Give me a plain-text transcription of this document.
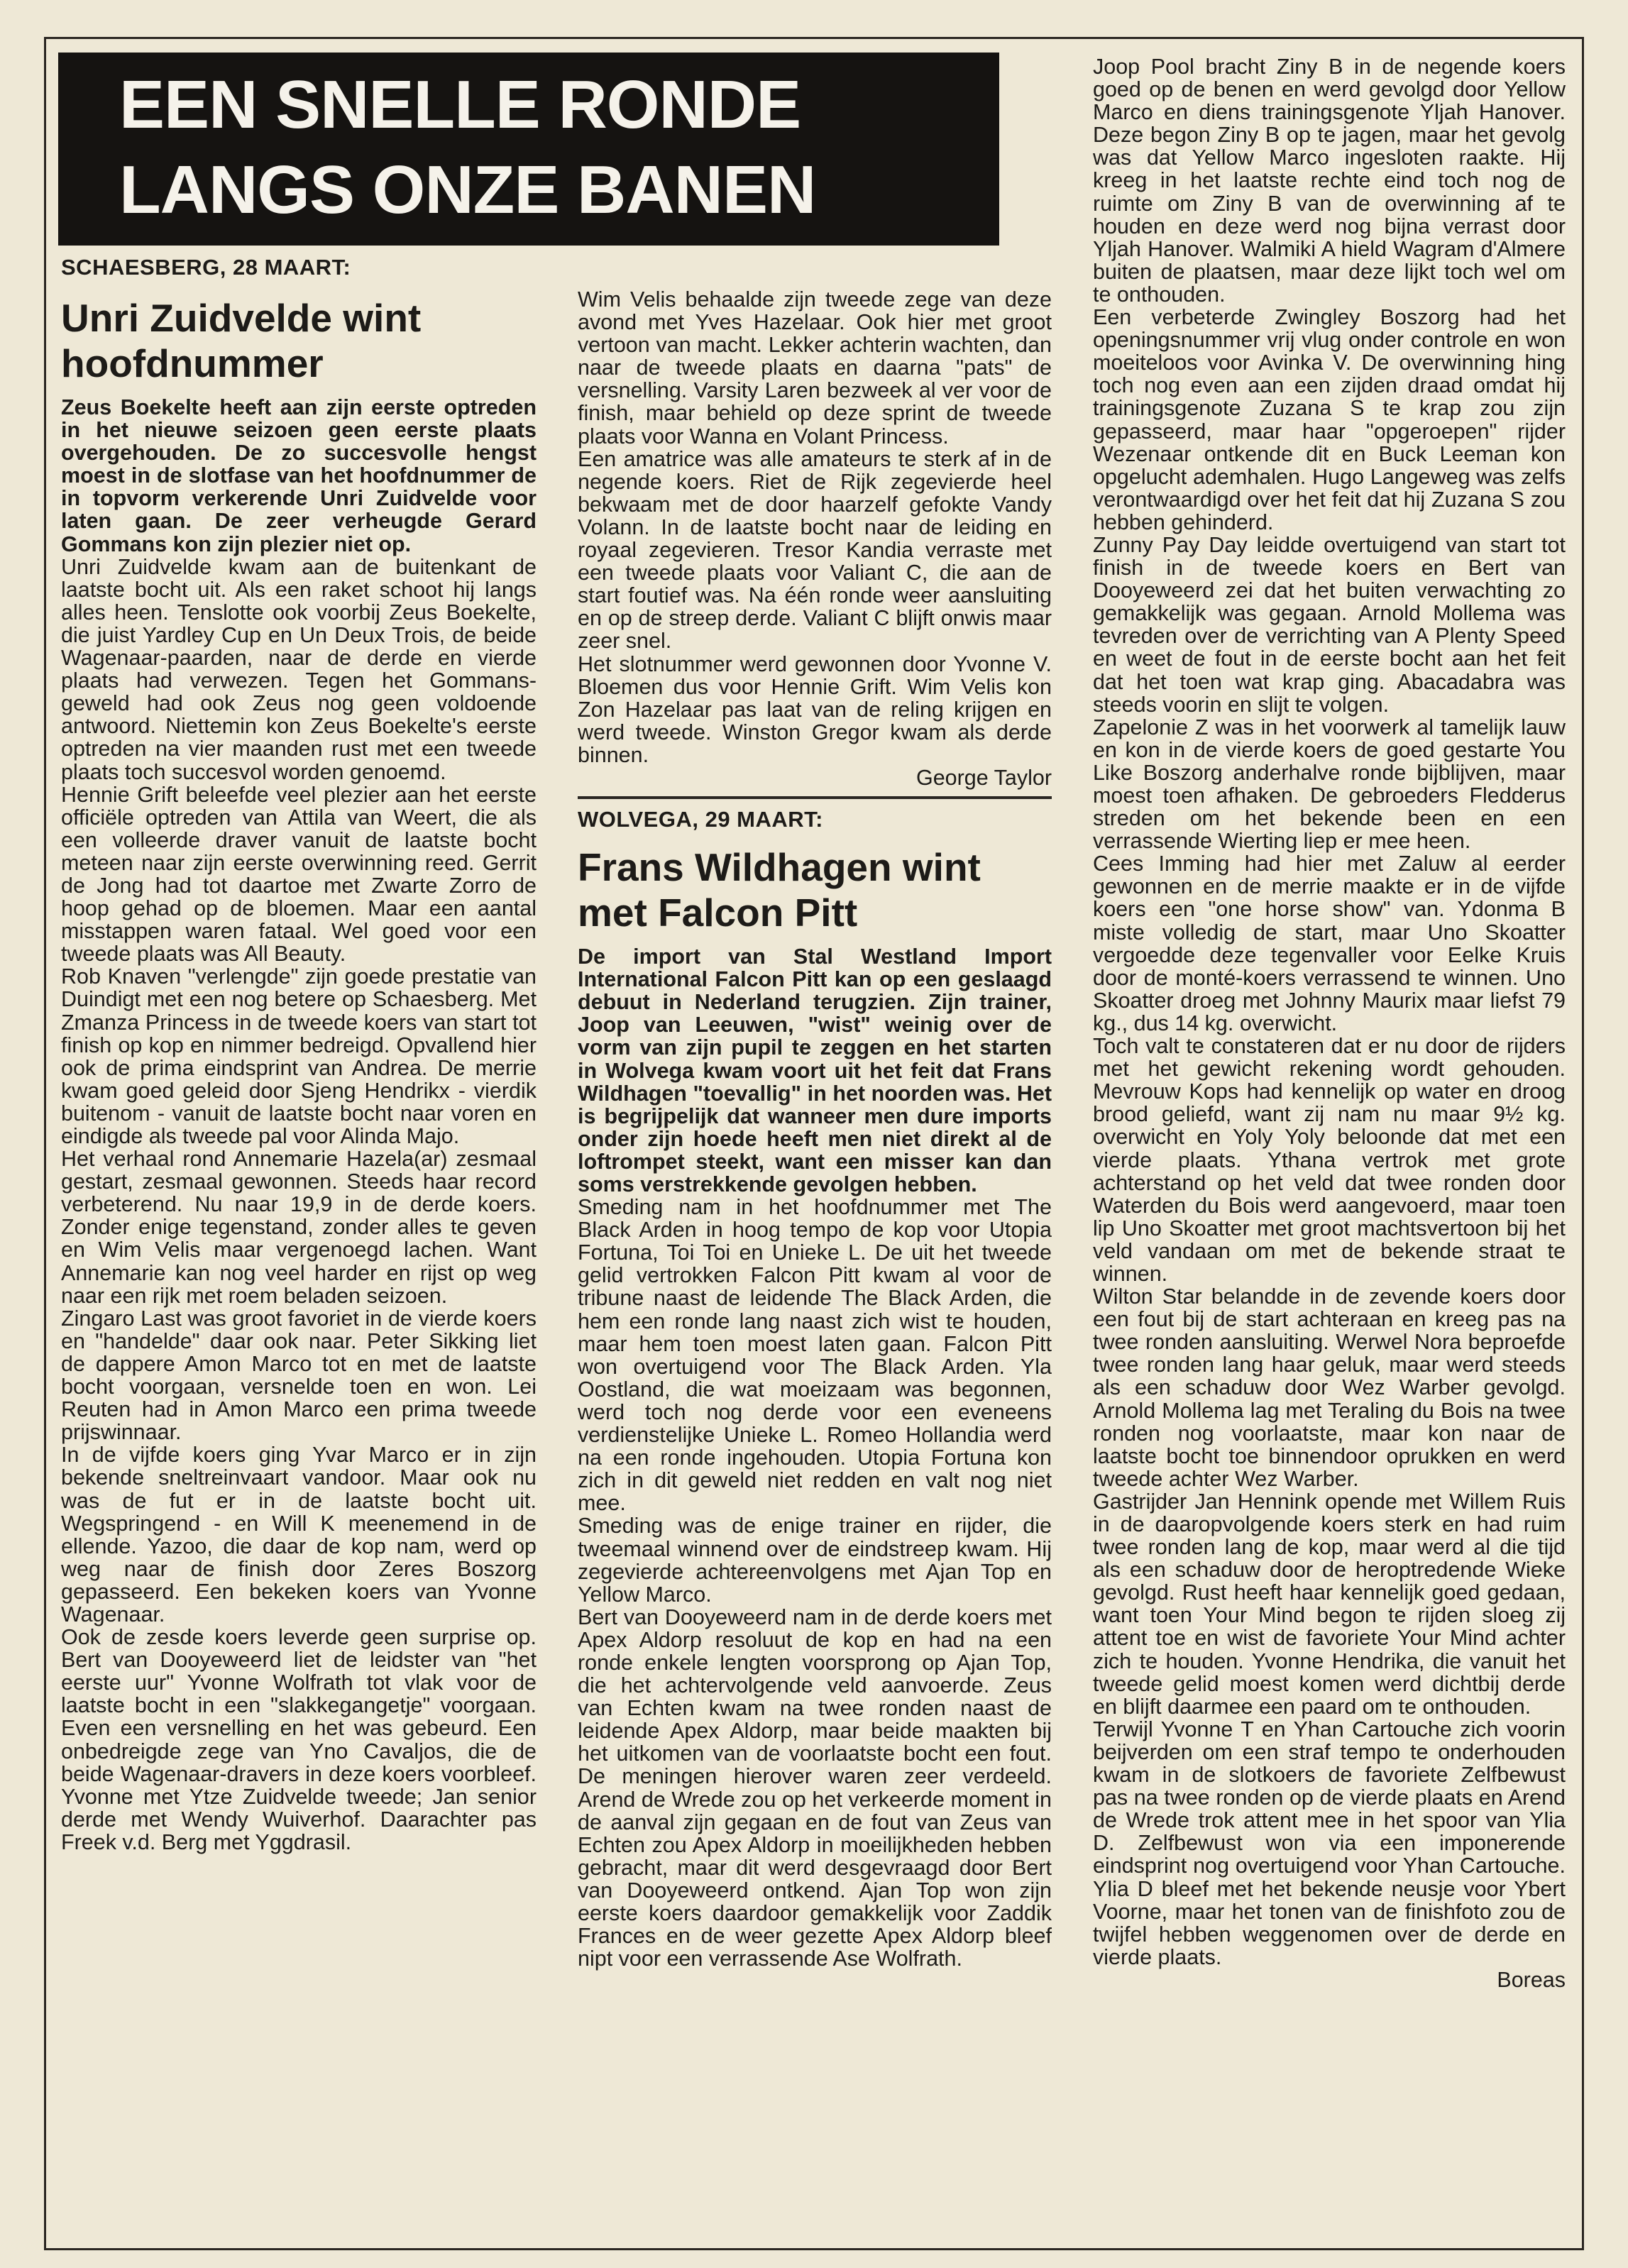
EEN SNELLE RONDE
LANGS ONZE BANEN
SCHAESBERG, 28 MAART:
Unri Zuidvelde wint hoofdnummer

Zeus Boekelte heeft aan zijn eerste optreden in het nieuwe seizoen geen eerste plaats overgehouden. De zo succesvolle hengst moest in de slotfase van het hoofdnummer de in topvorm verkerende Unri Zuidvelde voor laten gaan. De zeer verheugde Gerard Gommans kon zijn plezier niet op.

Unri Zuidvelde kwam aan de buitenkant de laatste bocht uit. Als een raket schoot hij langs alles heen. Tenslotte ook voorbij Zeus Boekelte, die juist Yardley Cup en Un Deux Trois, de beide Wagenaar-paarden, naar de derde en vierde plaats had verwezen. Tegen het Gommans-geweld had ook Zeus nog geen voldoende antwoord. Niettemin kon Zeus Boekelte's eerste optreden na vier maanden rust met een tweede plaats toch succesvol worden genoemd.

Hennie Grift beleefde veel plezier aan het eerste officiële optreden van Attila van Weert, die als een volleerde draver vanuit de laatste bocht meteen naar zijn eerste overwinning reed. Gerrit de Jong had tot daartoe met Zwarte Zorro de hoop gehad op de bloemen. Maar een aantal misstappen waren fataal. Wel goed voor een tweede plaats was All Beauty.

Rob Knaven "verlengde" zijn goede prestatie van Duindigt met een nog betere op Schaesberg. Met Zmanza Princess in de tweede koers van start tot finish op kop en nimmer bedreigd. Opvallend hier ook de prima eindsprint van Andrea. De merrie kwam goed geleid door Sjeng Hendrikx - vierdik buitenom - vanuit de laatste bocht naar voren en eindigde als tweede pal voor Alinda Majo.

Het verhaal rond Annemarie Hazela(ar) zesmaal gestart, zesmaal gewonnen. Steeds haar record verbeterend. Nu naar 19,9 in de derde koers. Zonder enige tegenstand, zonder alles te geven en Wim Velis maar vergenoegd lachen. Want Annemarie kan nog veel harder en rijst op weg naar een rijk met roem beladen seizoen.

Zingaro Last was groot favoriet in de vierde koers en "handelde" daar ook naar. Peter Sikking liet de dappere Amon Marco tot en met de laatste bocht voorgaan, versnelde toen en won. Lei Reuten had in Amon Marco een prima tweede prijswinnaar.

In de vijfde koers ging Yvar Marco er in zijn bekende sneltreinvaart vandoor. Maar ook nu was de fut er in de laatste bocht uit. Wegspringend - en Will K meenemend in de ellende. Yazoo, die daar de kop nam, werd op weg naar de finish door Zeres Boszorg gepasseerd. Een bekeken koers van Yvonne Wagenaar.

Ook de zesde koers leverde geen surprise op. Bert van Dooyeweerd liet de leidster van "het eerste uur" Yvonne Wolfrath tot vlak voor de laatste bocht in een "slakkegangetje" voorgaan. Even een versnelling en het was gebeurd. Een onbedreigde zege van Yno Cavaljos, die de beide Wagenaar-dravers in deze koers voorbleef. Yvonne met Ytze Zuidvelde tweede; Jan senior derde met Wendy Wuiverhof. Daarachter pas Freek v.d. Berg met Yggdrasil.

Wim Velis behaalde zijn tweede zege van deze avond met Yves Hazelaar. Ook hier met groot vertoon van macht. Lekker achterin wachten, dan naar de tweede plaats en daarna "pats" de versnelling. Varsity Laren bezweek al ver voor de finish, maar behield op deze sprint de tweede plaats voor Wanna en Volant Princess.

Een amatrice was alle amateurs te sterk af in de negende koers. Riet de Rijk zegevierde heel bekwaam met de door haarzelf gefokte Vandy Volann. In de laatste bocht naar de leiding en royaal zegevieren. Tresor Kandia verraste met een tweede plaats voor Valiant C, die aan de start foutief was. Na één ronde weer aansluiting en op de streep derde. Valiant C blijft onwis maar zeer snel.

Het slotnummer werd gewonnen door Yvonne V. Bloemen dus voor Hennie Grift. Wim Velis kon Zon Hazelaar pas laat van de reling krijgen en werd tweede. Winston Gregor kwam als derde binnen.

George Taylor

WOLVEGA, 29 MAART:
Frans Wildhagen wint met Falcon Pitt

De import van Stal Westland Import International Falcon Pitt kan op een geslaagd debuut in Nederland terugzien. Zijn trainer, Joop van Leeuwen, "wist" weinig over de vorm van zijn pupil te zeggen en het starten in Wolvega kwam voort uit het feit dat Frans Wildhagen "toevallig" in het noorden was. Het is begrijpelijk dat wanneer men dure imports onder zijn hoede heeft men niet direkt al de loftrompet steekt, want een misser kan dan soms verstrekkende gevolgen hebben.

Smeding nam in het hoofdnummer met The Black Arden in hoog tempo de kop voor Utopia Fortuna, Toi Toi en Unieke L. De uit het tweede gelid vertrokken Falcon Pitt kwam al voor de tribune naast de leidende The Black Arden, die hem een ronde lang naast zich wist te houden, maar hem toen moest laten gaan. Falcon Pitt won overtuigend voor The Black Arden. Yla Oostland, die wat moeizaam was begonnen, werd toch nog derde voor een eveneens verdienstelijke Unieke L. Romeo Hollandia werd na een ronde ingehouden. Utopia Fortuna kon zich in dit geweld niet redden en valt nog niet mee.

Smeding was de enige trainer en rijder, die tweemaal winnend over de eindstreep kwam. Hij zegevierde achtereenvolgens met Ajan Top en Yellow Marco.

Bert van Dooyeweerd nam in de derde koers met Apex Aldorp resoluut de kop en had na een ronde enkele lengten voorsprong op Ajan Top, die het achtervolgende veld aanvoerde. Zeus van Echten kwam na twee ronden naast de leidende Apex Aldorp, maar beide maakten bij het uitkomen van de voorlaatste bocht een fout. De meningen hierover waren zeer verdeeld. Arend de Wrede zou op het verkeerde moment in de aanval zijn gegaan en de fout van Zeus van Echten zou Apex Aldorp in moeilijkheden hebben gebracht, maar dit werd desgevraagd door Bert van Dooyeweerd ontkend. Ajan Top won zijn eerste koers daardoor gemakkelijk voor Zaddik Frances en de weer gezette Apex Aldorp bleef nipt voor een verrassende Ase Wolfrath.

Joop Pool bracht Ziny B in de negende koers goed op de benen en werd gevolgd door Yellow Marco en diens trainingsgenote Yljah Hanover. Deze begon Ziny B op te jagen, maar het gevolg was dat Yellow Marco ingesloten raakte. Hij kreeg in het laatste rechte eind toch nog de ruimte om Ziny B van de overwinning af te houden en deze werd nog bijna verrast door Yljah Hanover. Walmiki A hield Wagram d'Almere buiten de plaatsen, maar deze lijkt toch wel om te onthouden.

Een verbeterde Zwingley Boszorg had het openingsnummer vrij vlug onder controle en won moeiteloos voor Avinka V. De overwinning hing toch nog even aan een zijden draad omdat hij trainingsgenote Zuzana S te krap zou zijn gepasseerd, maar haar "opgeroepen" rijder Wezenaar ontkende dit en Buck Leeman kon opgelucht ademhalen. Hugo Langeweg was zelfs verontwaardigd over het feit dat hij Zuzana S zou hebben gehinderd.

Zunny Pay Day leidde overtuigend van start tot finish in de tweede koers en Bert van Dooyeweerd zei dat het buiten verwachting zo gemakkelijk was gegaan. Arnold Mollema was tevreden over de verrichting van A Plenty Speed en weet de fout in de eerste bocht aan het feit dat het toen wat krap ging. Abacadabra was steeds voorin en slijt te volgen.

Zapelonie Z was in het voorwerk al tamelijk lauw en kon in de vierde koers de goed gestarte You Like Boszorg anderhalve ronde bijblijven, maar moest toen afhaken. De gebroeders Fledderus streden om het bekende been en een verrassende Wierting liep er mee heen.

Cees Imming had hier met Zaluw al eerder gewonnen en de merrie maakte er in de vijfde koers een "one horse show" van. Ydonma B miste volledig de start, maar Uno Skoatter vergoedde deze tegenvaller voor Eelke Kruis door de monté-koers verrassend te winnen. Uno Skoatter droeg met Johnny Maurix maar liefst 79 kg., dus 14 kg. overwicht.

Toch valt te constateren dat er nu door de rijders met het gewicht rekening wordt gehouden. Mevrouw Kops had kennelijk op water en droog brood geliefd, want zij nam nu maar 9½ kg. overwicht en Yoly Yoly beloonde dat met een vierde plaats. Ythana vertrok met grote achterstand op het veld dat twee ronden door Waterden du Bois werd aangevoerd, maar toen lip Uno Skoatter met groot machtsvertoon bij het veld vandaan om met de bekende straat te winnen.

Wilton Star belandde in de zevende koers door een fout bij de start achteraan en kreeg pas na twee ronden aansluiting. Werwel Nora beproefde twee ronden lang haar geluk, maar werd steeds als een schaduw door Wez Warber gevolgd. Arnold Mollema lag met Teraling du Bois na twee ronden nog voorlaatste, maar kon naar de laatste bocht toe binnendoor oprukken en werd tweede achter Wez Warber.

Gastrijder Jan Hennink opende met Willem Ruis in de daaropvolgende koers sterk en had ruim twee ronden lang de kop, maar werd al die tijd als een schaduw door de heroptredende Wieke gevolgd. Rust heeft haar kennelijk goed gedaan, want toen Your Mind begon te rijden sloeg zij attent toe en wist de favoriete Your Mind achter zich te houden. Yvonne Hendrika, die vanuit het tweede gelid moest komen werd dichtbij derde en blijft daarmee een paard om te onthouden.

Terwijl Yvonne T en Yhan Cartouche zich voorin beijverden om een straf tempo te onderhouden kwam in de slotkoers de favoriete Zelfbewust pas na twee ronden op de vierde plaats en Arend de Wrede trok attent mee in het spoor van Ylia D. Zelfbewust won via een imponerende eindsprint nog overtuigend voor Yhan Cartouche. Ylia D bleef met het bekende neusje voor Ybert Voorne, maar het tonen van de finishfoto zou de twijfel hebben weggenomen over de derde en vierde plaats.

Boreas
